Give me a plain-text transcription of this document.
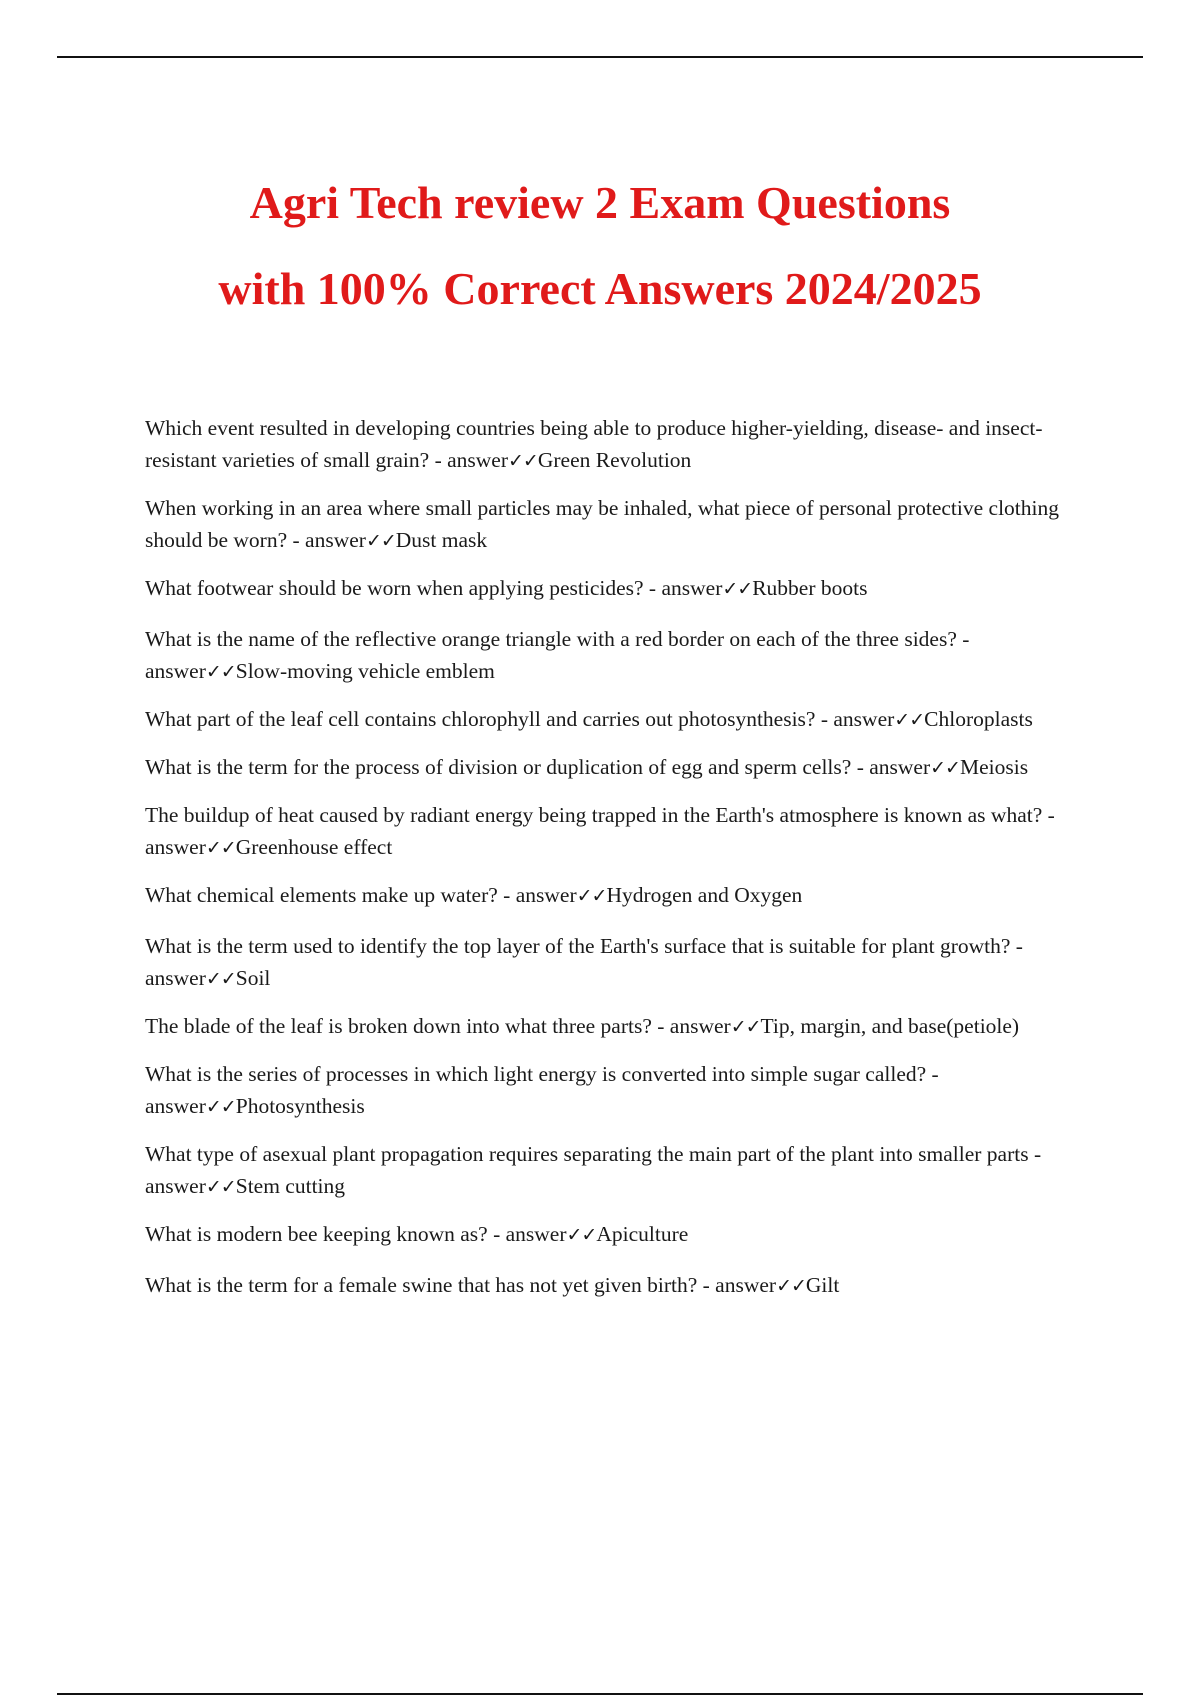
Agri Tech review 2 Exam Questions
with 100% Correct Answers 2024/2025

Which event resulted in developing countries being able to produce higher-yielding, disease- and insect- resistant varieties of small grain? - answer✓✓Green Revolution

When working in an area where small particles may be inhaled, what piece of personal protective clothing should be worn? - answer✓✓Dust mask

What footwear should be worn when applying pesticides? - answer✓✓Rubber boots

What is the name of the reflective orange triangle with a red border on each of the three sides? - answer✓✓Slow-moving vehicle emblem

What part of the leaf cell contains chlorophyll and carries out photosynthesis? - answer✓✓Chloroplasts

What is the term for the process of division or duplication of egg and sperm cells? - answer✓✓Meiosis

The buildup of heat caused by radiant energy being trapped in the Earth's atmosphere is known as what? - answer✓✓Greenhouse effect

What chemical elements make up water? - answer✓✓Hydrogen and Oxygen

What is the term used to identify the top layer of the Earth's surface that is suitable for plant growth? - answer✓✓Soil

The blade of the leaf is broken down into what three parts? - answer✓✓Tip, margin, and base(petiole)

What is the series of processes in which light energy is converted into simple sugar called? - answer✓✓Photosynthesis

What type of asexual plant propagation requires separating the main part of the plant into smaller parts - answer✓✓Stem cutting

What is modern bee keeping known as? - answer✓✓Apiculture

What is the term for a female swine that has not yet given birth? - answer✓✓Gilt
